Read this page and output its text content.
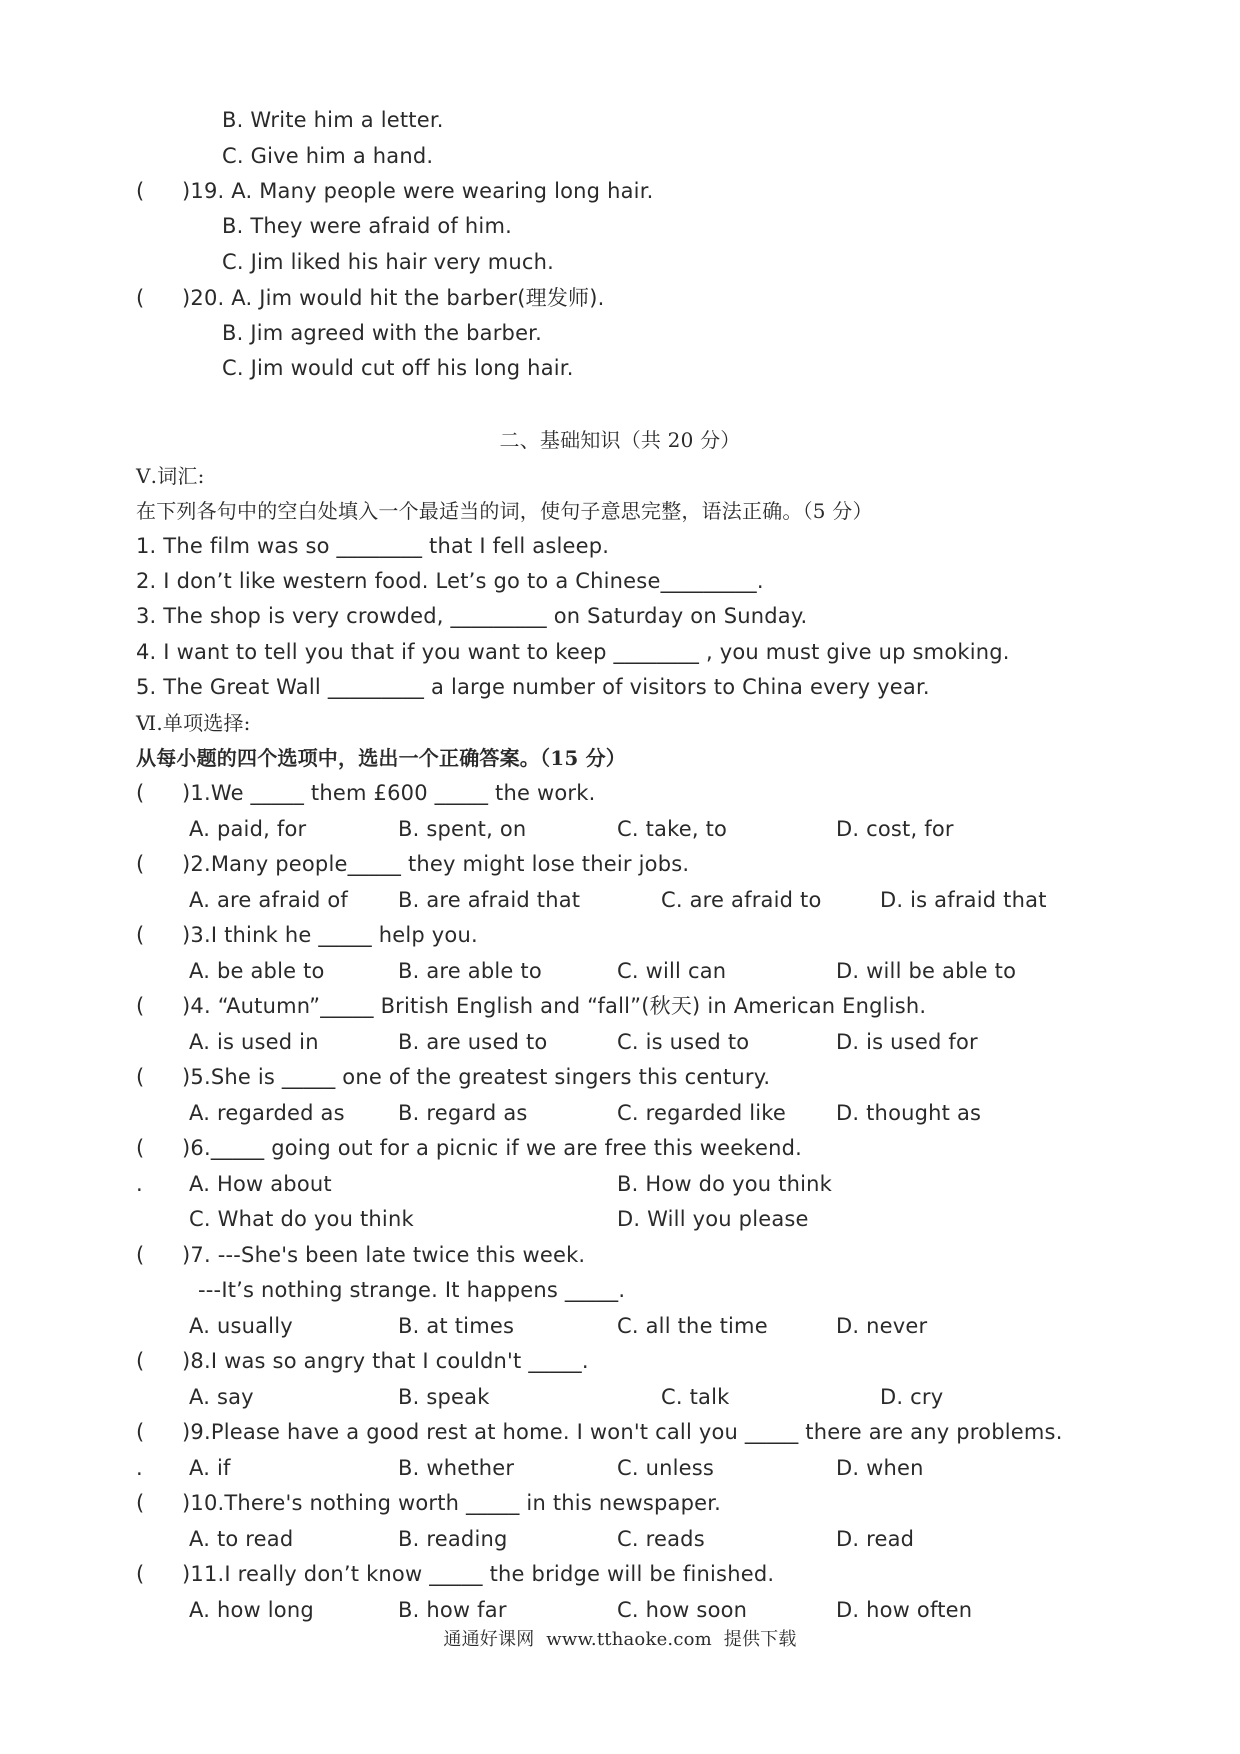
B. Write him a letter.
C. Give him a hand.
( )19. A. Many people were wearing long hair.
B. They were afraid of him.
C. Jim liked his hair very much.
( )20. A. Jim would hit the barber(理发师).
B. Jim agreed with the barber.
C. Jim would cut off his long hair.
二、基础知识（共 20 分）
Ⅴ.词汇:
在下列各句中的空白处填入一个最适当的词，使句子意思完整，语法正确。（5 分）
1. The film was so ________ that I fell asleep.
2. I don’t like western food. Let’s go to a Chinese_________.
3. The shop is very crowded, _________ on Saturday on Sunday.
4. I want to tell you that if you want to keep ________ , you must give up smoking.
5. The Great Wall _________ a large number of visitors to China every year.
Ⅵ.单项选择:
从每小题的四个选项中，选出一个正确答案。（15 分）
( )1.We _____ them £600 _____ the work.
A. paid, for	B. spent, on	C. take, to	D. cost, for
( )2.Many people_____ they might lose their jobs.
A. are afraid of B. are afraid that	C. are afraid to	D. is afraid that
( )3.I think he _____ help you.
A. be able to	B. are able to	C. will can	D. will be able to
( )4. “Autumn”_____ British English and “fall”(秋天) in American English.
A. is used in	B. are used to	C. is used to	D. is used for
( )5.She is _____ one of the greatest singers this century.
A. regarded as	B. regard as	C. regarded like D. thought as
( )6._____ going out for a picnic if we are free this weekend.
. A. How about	B. How do you think
C. What do you think	D. Will you please
( )7. ---She's been late twice this week.
---It’s nothing strange. It happens _____.
A. usually	B. at times	C. all the time	D. never
( )8.I was so angry that I couldn't _____.
A. say	B. speak	C. talk	D. cry
( )9.Please have a good rest at home. I won't call you _____ there are any problems.
. A. if	B. whether	C. unless	D. when
( )10.There's nothing worth _____ in this newspaper.
A. to read	B. reading	C. reads	D. read
( )11.I really don’t know _____ the bridge will be finished.
A. how long	B. how far	C. how soon	D. how often
通通好课网  www.tthaoke.com  提供下载
